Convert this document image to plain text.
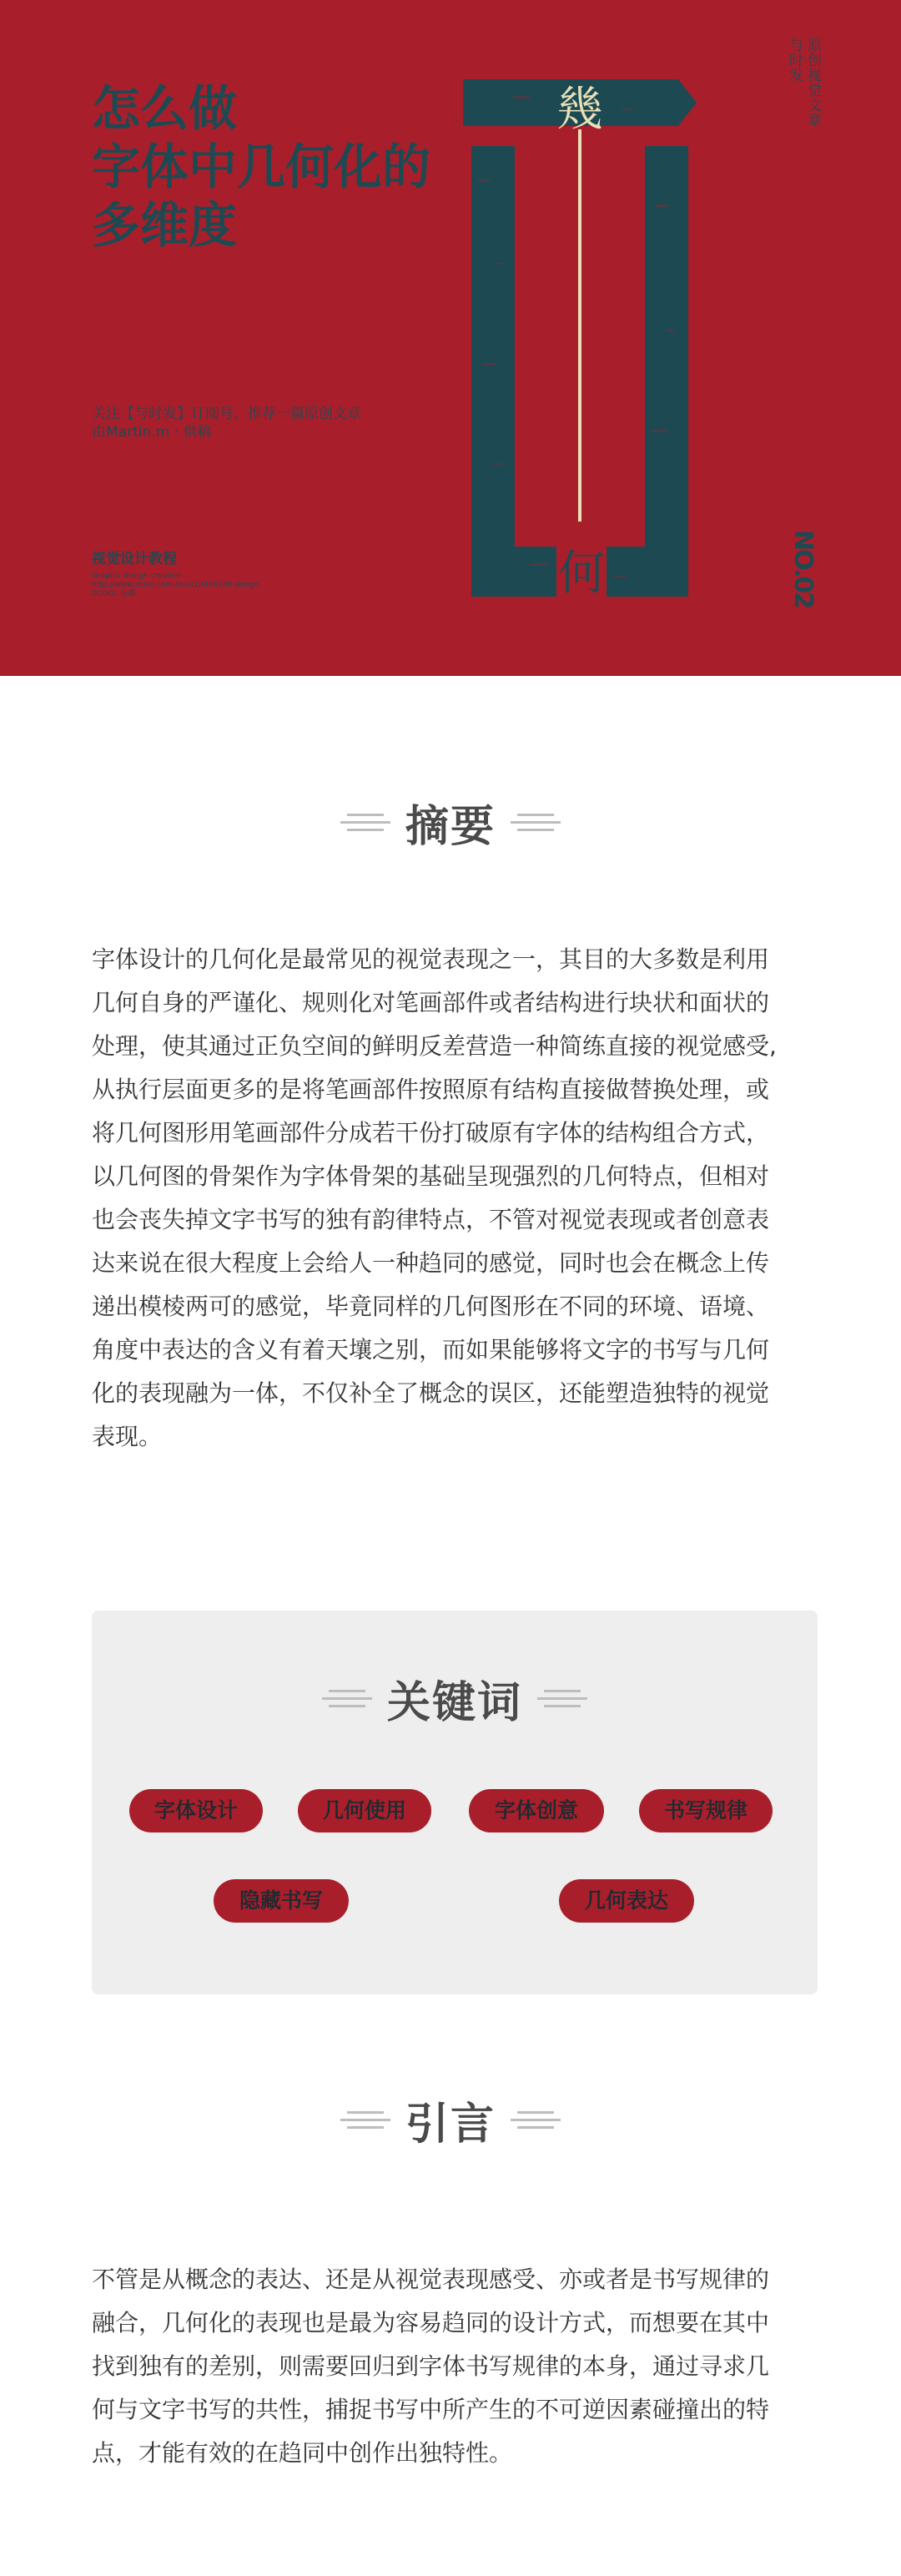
怎么做
字体中几何化的
多维度
关注【与时发】订阅号，推荐一篇原创文章
由Martin.m · 供稿
视觉设计教程
Graphic design creative
http://www.zcool.com.cn/u/13456789 design
ZCOOL 站酷
幾
何
与时发 原创视觉文章
NO.02
摘要
字体设计的几何化是最常见的视觉表现之一，其目的大多数是利用
几何自身的严谨化、规则化对笔画部件或者结构进行块状和面状的
处理，使其通过正负空间的鲜明反差营造一种简练直接的视觉感受,
从执行层面更多的是将笔画部件按照原有结构直接做替换处理，或
将几何图形用笔画部件分成若干份打破原有字体的结构组合方式，
以几何图的骨架作为字体骨架的基础呈现强烈的几何特点，但相对
也会丧失掉文字书写的独有韵律特点，不管对视觉表现或者创意表
达来说在很大程度上会给人一种趋同的感觉，同时也会在概念上传
递出模棱两可的感觉，毕竟同样的几何图形在不同的环境、语境、
角度中表达的含义有着天壤之别，而如果能够将文字的书写与几何
化的表现融为一体，不仅补全了概念的误区，还能塑造独特的视觉
表现。
关键词
字体设计	几何使用	字体创意	书写规律
隐藏书写	几何表达
引言
不管是从概念的表达、还是从视觉表现感受、亦或者是书写规律的
融合，几何化的表现也是最为容易趋同的设计方式，而想要在其中
找到独有的差别，则需要回归到字体书写规律的本身，通过寻求几
何与文字书写的共性，捕捉书写中所产生的不可逆因素碰撞出的特
点，才能有效的在趋同中创作出独特性。
